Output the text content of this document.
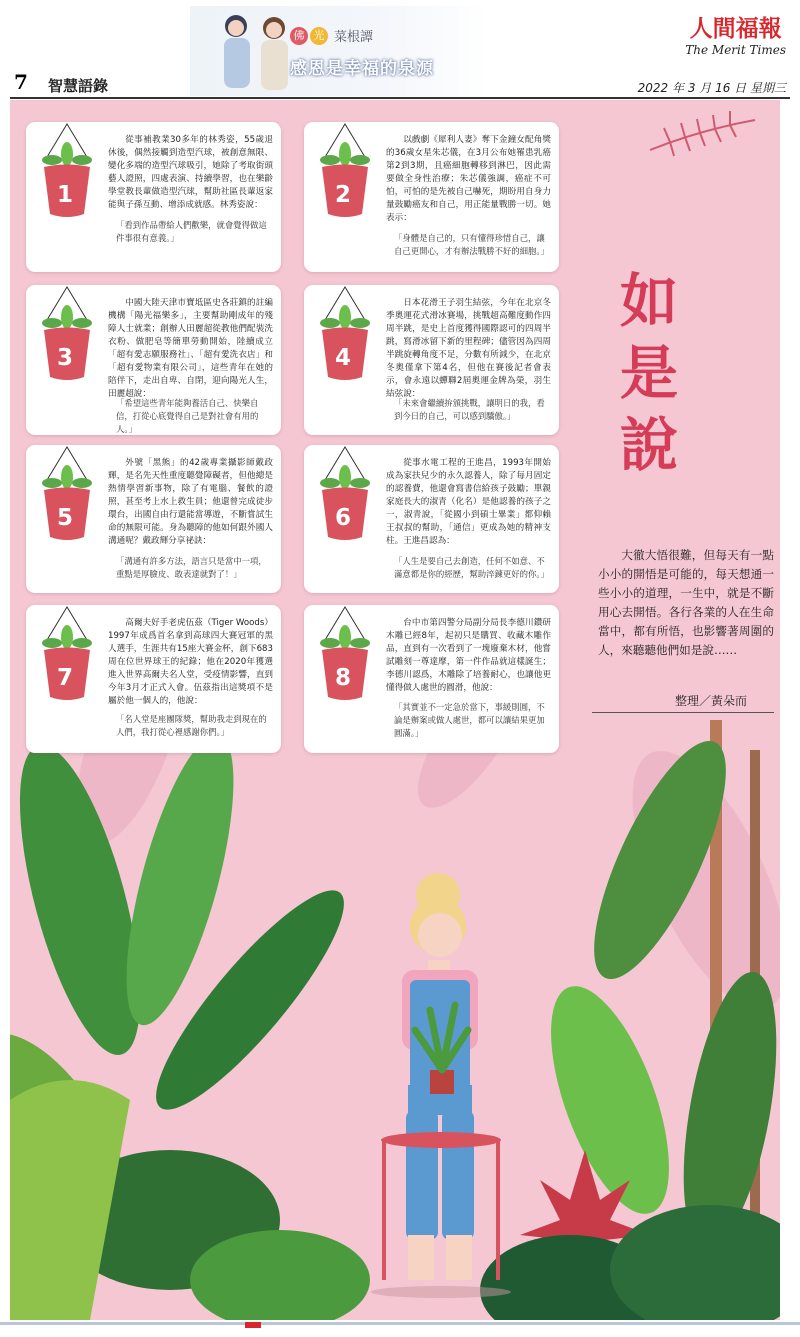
佛 光 菜根譚
感恩是幸福的泉源
人間福報
The Merit Times
7 智慧語錄	2022 年 3 月 16 日 星期三
如是說
大徹大悟很難，但每天有一點小小的開悟是可能的，每天想通一些小小的道理，一生中，就是不斷用心去開悟。各行各業的人在生命當中，都有所悟，也影響著周圍的人，來聽聽他們如是說……
整理／黃朵而
1
從事補教業30多年的林秀姿，55歲退休後，偶然接觸到造型汽球，被創意無限、變化多端的造型汽球吸引，她除了考取街頭藝人證照，四處表演、持續學習，也在樂齡學堂教長輩做造型汽球，幫助社區長輩返家能與子孫互動、增添成就感。林秀姿說：
「看到作品帶給人們歡樂，就會覺得做這件事很有意義。」
2
以戲劇《犀利人妻》奪下金鐘女配角獎的36歲女星朱芯儀，在3月公布她罹患乳癌第2到3期，且癌細胞轉移到淋巴，因此需要做全身性治療；朱芯儀強調，癌症不可怕，可怕的是先被自己嚇死，期盼用自身力量鼓勵癌友和自己，用正能量戰勝一切。她表示：
「身體是自己的，只有懂得珍惜自己，讓自己更開心，才有辦法戰勝不好的細胞。」
3
中國大陸天津市寶坻區史各莊鎮的註編機構「陽光福樂多」，主要幫助剛成年的殘障人士就業；創辦人田麗超從教他們配裝洗衣粉、做肥皂等簡單勞動開始，陸續成立「超有愛志願服務社」、「超有愛洗衣店」和「超有愛物業有限公司」，這些青年在她的陪伴下，走出自卑、自閉，迎向陽光人生，田麗超說：
「希望這些青年能夠養活自己、快樂自信，打從心底覺得自己是對社會有用的人。」
4
日本花滑王子羽生結弦，今年在北京冬季奧運花式滑冰賽場，挑戰超高難度動作四周半跳，是史上首度獲得國際認可的四周半跳，寫滑冰留下新的里程碑；儘管因為四周半跳旋轉角度不足，分數有所減少，在北京冬奧僅拿下第4名，但他在賽後記者會表示，會永遠以蟬聯2屆奧運金牌為榮，羽生結弦說：
「未來會繼續拚頒挑戰，讓明日的我，看到今日的自己，可以感到驕傲。」
5
外號「黑熊」的42歲專業攝影師戴政輝，是名先天性重度聽覺障礙者，但他總是熱情學習新事物，除了有電腦、餐飲的證照，甚至考上水上救生員；他還曾完成徒步環台，出國自由行還能當導遊，不斷嘗試生命的無限可能。身為聽障的他如何跟外國人溝通呢？戴政輝分享祕訣：
「溝通有許多方法，語言只是當中一項，重點是厚臉皮、敢表達就對了！」
6
從事水電工程的王進昌，1993年開始成為家扶兒少的永久認養人，除了每月固定的認養費，他還會寫書信給孩子鼓勵；單親家庭長大的淑青（化名）是他認養的孩子之一，淑青說，「從國小到碩士畢業」都仰賴王叔叔的幫助，「通信」更成為她的精神支柱。王進昌認為：
「人生是要自己去創造，任何不如意、不滿意都是你的經歷，幫助淬鍊更好的你。」
7
高爾夫好手老虎伍茲（Tiger Woods）1997年成爲首名拿到高球四大賽冠軍的黑人選手，生涯共有15座大賽金杯，創下683周在位世界球王的紀錄；他在2020年獲選進入世界高爾夫名人堂，受疫情影響，直到今年3月才正式入會。伍茲指出這獎項不是屬於他一個人的，他說：
「名人堂是座團隊獎，幫助我走到現在的人們，我打從心裡感謝你們。」
8
台中市第四警分局副分局長李德川鑽研木雕已經8年，起初只是購買、收藏木雕作品，直到有一次看到了一塊廢棄木材，他嘗試雕刻一尊達摩，第一件作品就這樣誕生；李德川認爲，木雕除了培養耐心，也讓他更懂得做人處世的圓滑，他說：
「其實並不一定急於當下，事緩則圓，不論是辦案或做人處世，都可以讓結果更加圓滿。」
